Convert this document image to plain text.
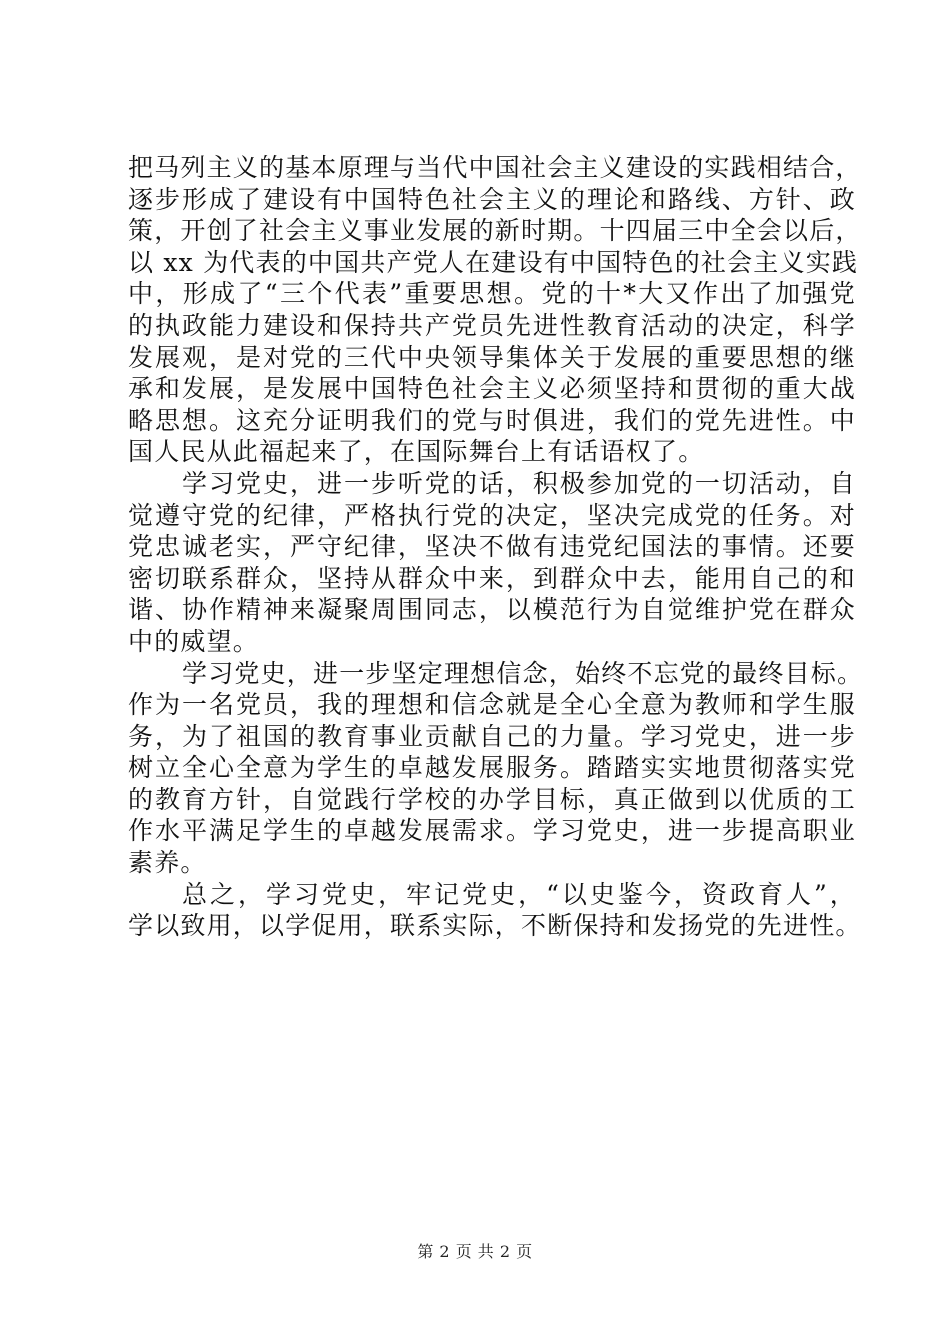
把马列主义的基本原理与当代中国社会主义建设的实践相结合，
逐步形成了建设有中国特色社会主义的理论和路线、方针、政
策，开创了社会主义事业发展的新时期。十四届三中全会以后，
以 xx 为代表的中国共产党人在建设有中国特色的社会主义实践
中，形成了“三个代表”重要思想。党的十*大又作出了加强党
的执政能力建设和保持共产党员先进性教育活动的决定，科学
发展观，是对党的三代中央领导集体关于发展的重要思想的继
承和发展，是发展中国特色社会主义必须坚持和贯彻的重大战
略思想。这充分证明我们的党与时俱进，我们的党先进性。中
国人民从此福起来了，在国际舞台上有话语权了。
学习党史，进一步听党的话，积极参加党的一切活动，自
觉遵守党的纪律，严格执行党的决定，坚决完成党的任务。对
党忠诚老实，严守纪律，坚决不做有违党纪国法的事情。还要
密切联系群众，坚持从群众中来，到群众中去，能用自己的和
谐、协作精神来凝聚周围同志，以模范行为自觉维护党在群众
中的威望。
学习党史，进一步坚定理想信念，始终不忘党的最终目标。
作为一名党员，我的理想和信念就是全心全意为教师和学生服
务，为了祖国的教育事业贡献自己的力量。学习党史，进一步
树立全心全意为学生的卓越发展服务。踏踏实实地贯彻落实党
的教育方针，自觉践行学校的办学目标，真正做到以优质的工
作水平满足学生的卓越发展需求。学习党史，进一步提高职业
素养。
总之，学习党史，牢记党史，“以史鉴今，资政育人”，
学以致用，以学促用，联系实际，不断保持和发扬党的先进性。
第 2 页 共 2 页
